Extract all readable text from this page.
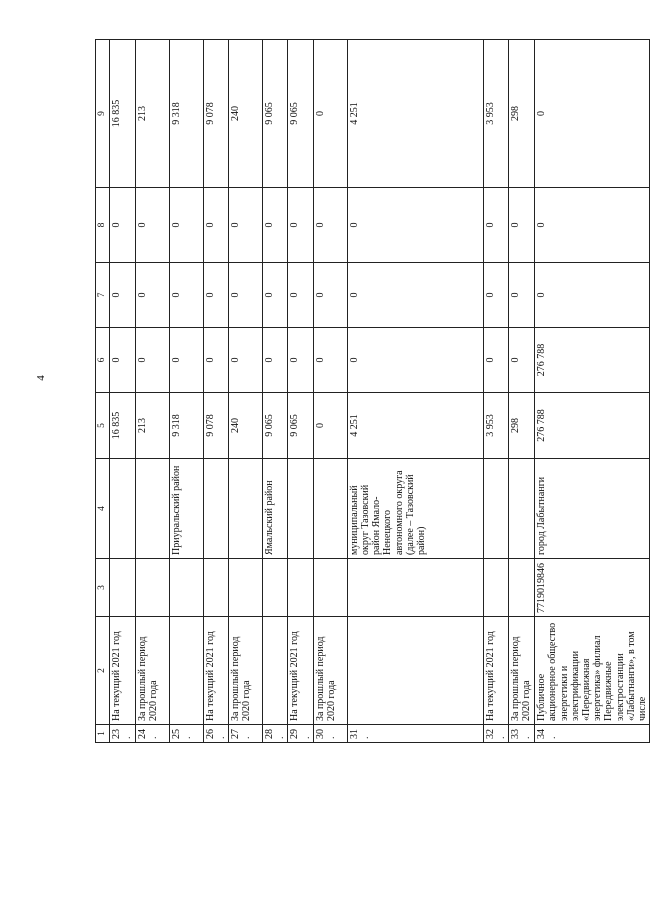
4
1	2	3	4	5	6	7	8	9
23.	На текущий 2021 год			16 835	0	0	0	16 835
24.	За прошлый период 2020 года			213	0	0	0	213
25.			Приуральский район	9 318	0	0	0	9 318
26.	На текущий 2021 год			9 078	0	0	0	9 078
27.	За прошлый период 2020 года			240	0	0	0	240
28.			Ямальский район	9 065	0	0	0	9 065
29.	На текущий 2021 год			9 065	0	0	0	9 065
30.	За прошлый период 2020 года			0	0	0	0	0
31.			муниципальный округ Тазовский район Ямало-Ненецкого автономного округа (далее – Тазовский район)	4 251	0	0	0	4 251
32.	На текущий 2021 год			3 953	0	0	0	3 953
33.	За прошлый период 2020 года			298	0	0	0	298
34.	Публичное акционерное общество энергетики и электрификации «Передвижная энергетика» филиал Передвижные электростанции «Лабытнанги», в том числе	7719019846	город Лабытнанги	276 788	276 788	0	0	0
